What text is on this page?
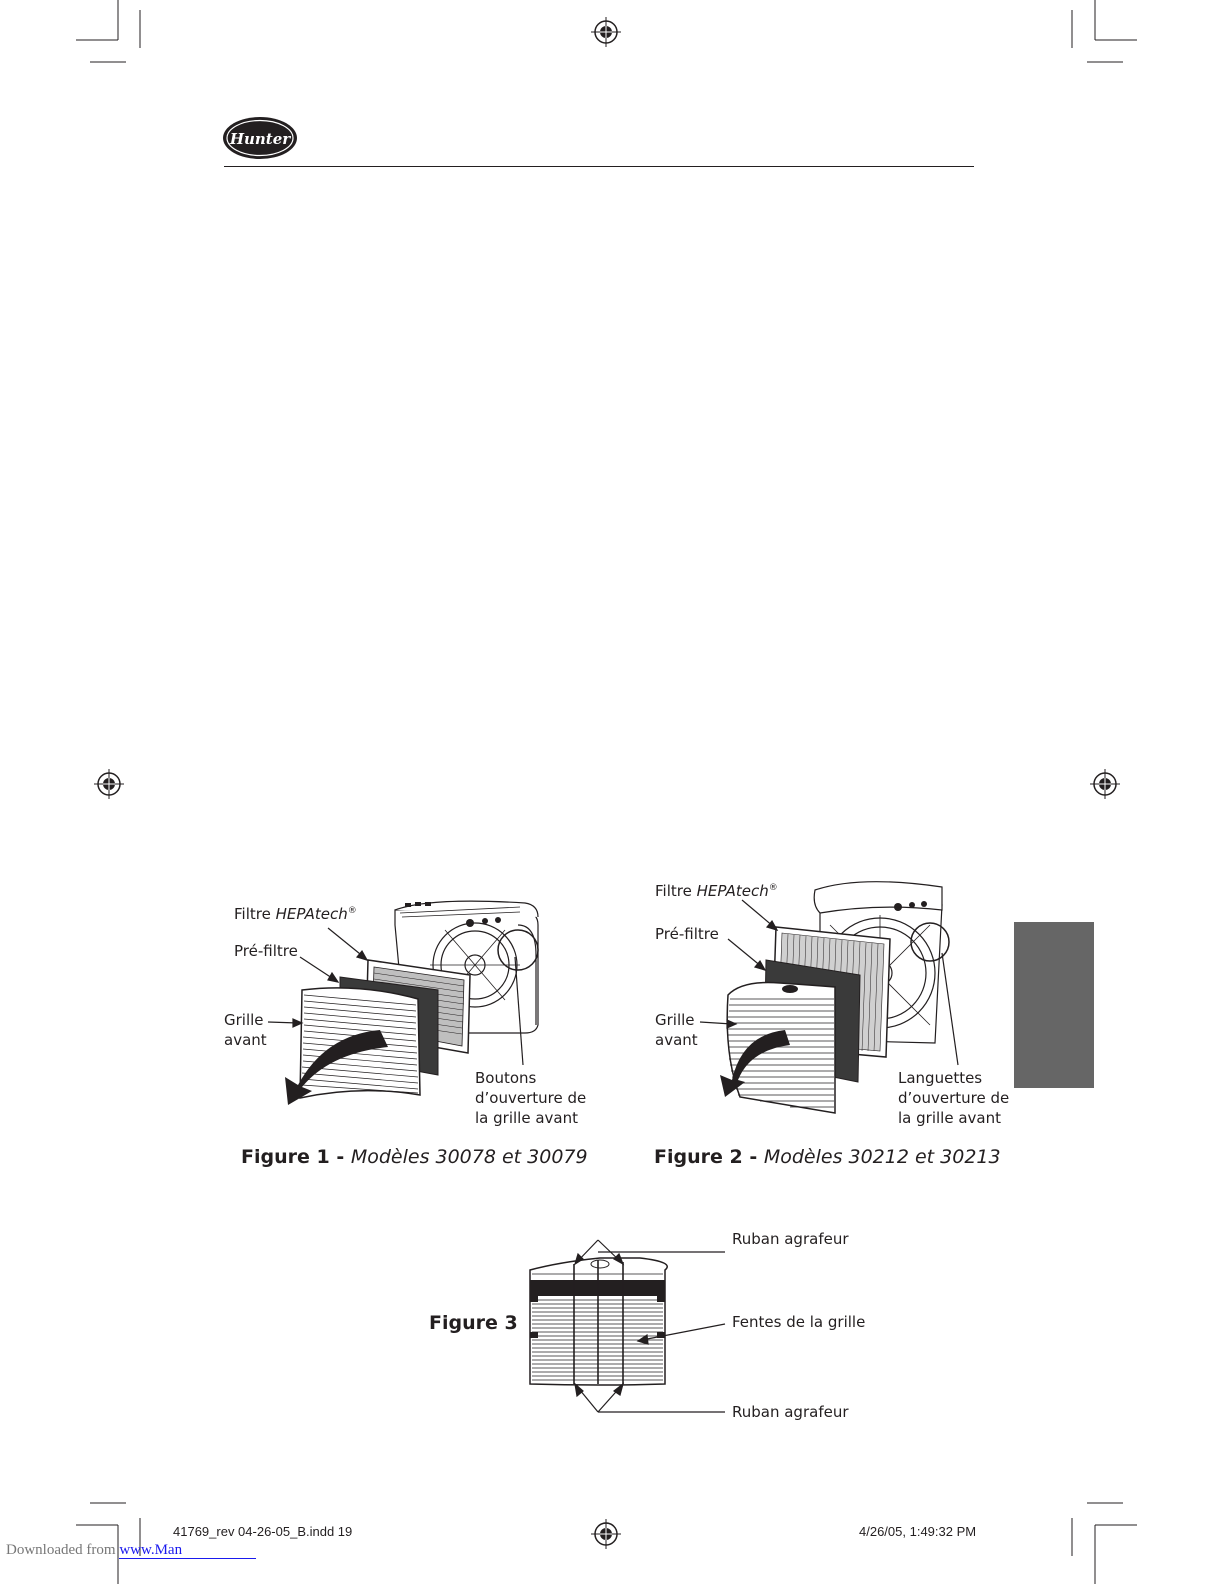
Hunter
Filtre HEPAtech®
Pré-filtre
Grille
avant
Boutons
d’ouverture de
la grille avant
Figure 1 - Modèles 30078 et 30079
Filtre HEPAtech®
Pré-filtre
Grille
avant
Languettes
d’ouverture de
la grille avant
Figure 2 - Modèles 30212 et 30213
Figure 3
Ruban agrafeur
Fentes de la grille
Ruban agrafeur
41769_rev 04-26-05_B.indd 19	4/26/05, 1:49:32 PM
Downloaded from www.Man
